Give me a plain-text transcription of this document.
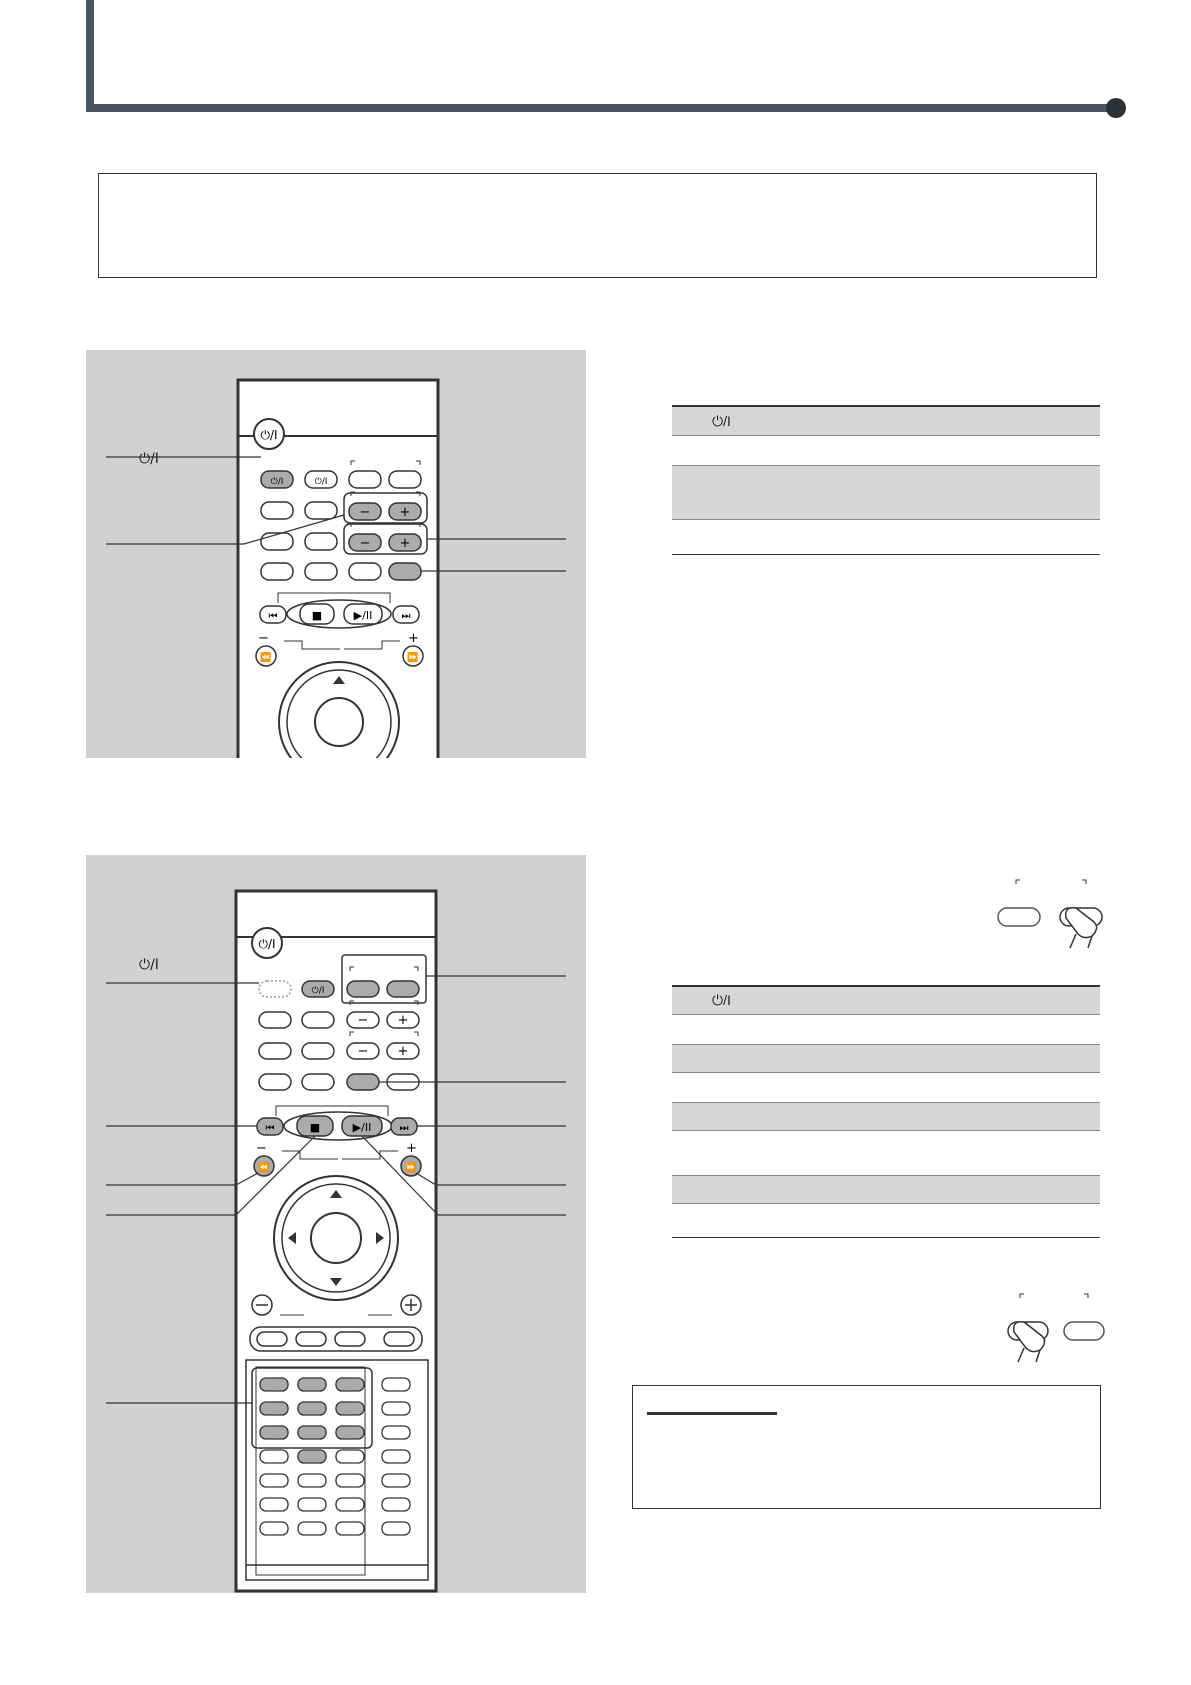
⏻/I
⏻/I	⏻/I
− +
− +
⏮	■	▶/II	⏭
−	+
⏪	⏩
⏻/I
⏻/I
⏻/I
⏻/I
− +
− +
⏮	■	▶/II	⏭
−	+
⏪	⏩
⏻/I
⏻/I
